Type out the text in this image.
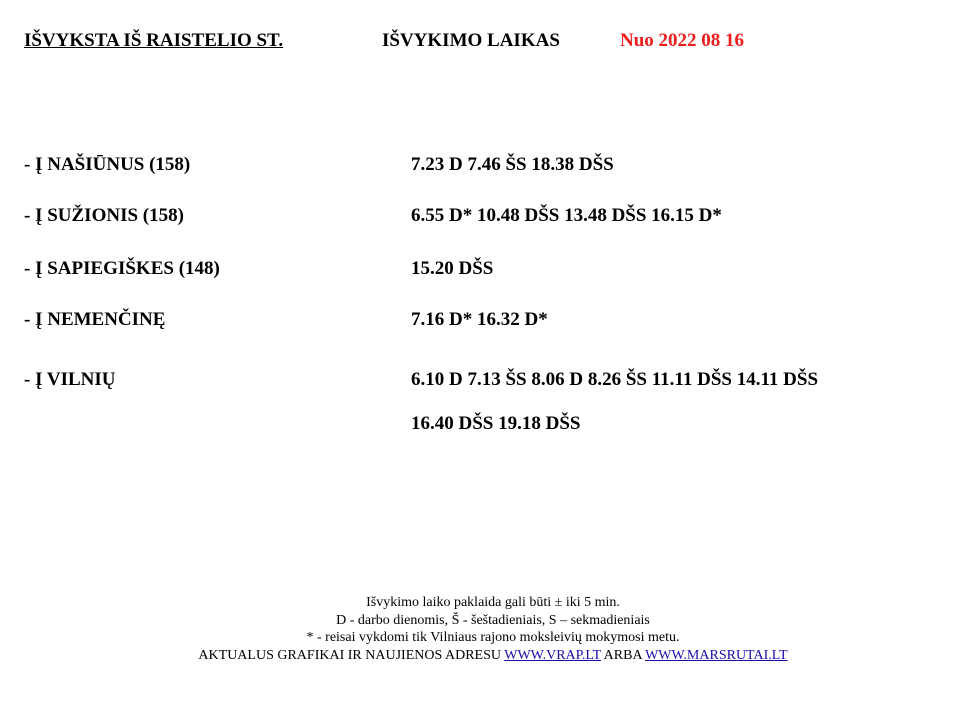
IŠVYKSTA IŠ RAISTELIO ST.	IŠVYKIMO LAIKAS	Nuo 2022 08 16
- Į NAŠIŪNUS (158)	7.23 D 7.46 ŠS 18.38 DŠS
- Į SUŽIONIS (158)	6.55 D* 10.48 DŠS 13.48 DŠS 16.15 D*
- Į SAPIEGIŠKES (148)	15.20 DŠS
- Į NEMENČINĘ	7.16 D* 16.32 D*
- Į VILNIŲ	6.10 D 7.13 ŠS 8.06 D 8.26 ŠS 11.11 DŠS 14.11 DŠS
16.40 DŠS 19.18 DŠS
Išvykimo laiko paklaida gali būti ± iki 5 min.
D - darbo dienomis, Š - šeštadieniais, S – sekmadieniais
* - reisai vykdomi tik Vilniaus rajono moksleivių mokymosi metu.
AKTUALUS GRAFIKAI IR NAUJIENOS ADRESU WWW.VRAP.LT ARBA WWW.MARSRUTAI.LT
